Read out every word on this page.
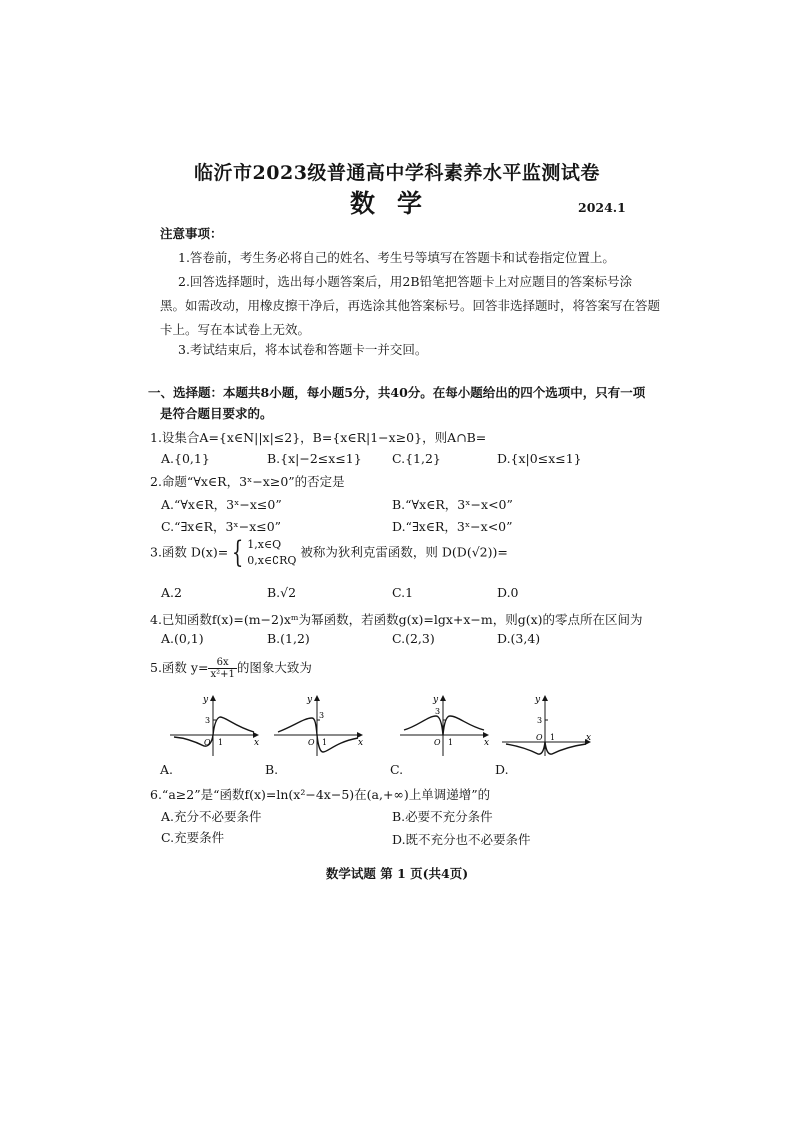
临沂市2023级普通高中学科素养水平监测试卷
数学	2024.1
注意事项：
1.答卷前，考生务必将自己的姓名、考生号等填写在答题卡和试卷指定位置上。
2.回答选择题时，选出每小题答案后，用2B铅笔把答题卡上对应题目的答案标号涂
黑。如需改动，用橡皮擦干净后，再选涂其他答案标号。回答非选择题时，将答案写在答题
卡上。写在本试卷上无效。
3.考试结束后，将本试卷和答题卡一并交回。
一、选择题：本题共8小题，每小题5分，共40分。在每小题给出的四个选项中，只有一项
是符合题目要求的。
1.设集合A={x∈N||x|≤2}，B={x∈R|1−x≥0}，则A∩B=
A.{0,1}	B.{x|−2≤x≤1} C.{1,2}	D.{x|0≤x≤1}
2.命题“∀x∈R，3ˣ−x≥0”的否定是
A.“∀x∈R，3ˣ−x≤0”	B.“∀x∈R，3ˣ−x<0”
C.“∃x∈R，3ˣ−x≤0”	D.“∃x∈R，3ˣ−x<0”
3.函数 D(x)= { 1,x∈Q
0,x∈∁RQ
被称为狄利克雷函数，则 D(D(√2))=
A.2	B.√2	C.1	D.0
4.已知函数f(x)=(m−2)xᵐ为幂函数，若函数g(x)=lgx+x−m，则g(x)的零点所在区间为
A.(0,1)	B.(1,2)	C.(2,3)	D.(3,4)
5.函数 $y= \frac{6x}{\text{x²+1}}$ 的图象大致为
y
x
3
O 1
A.
y
x
3
O 1
B.
y
x
3
O 1
C.
y
x
3
O 1
D.
6.“a≥2”是“函数f(x)=ln(x²−4x−5)在(a,+∞)上单调递增”的
A.充分不必要条件	B.必要不充分条件
C.充要条件	D.既不充分也不必要条件
数学试题 第 1 页(共4页)
